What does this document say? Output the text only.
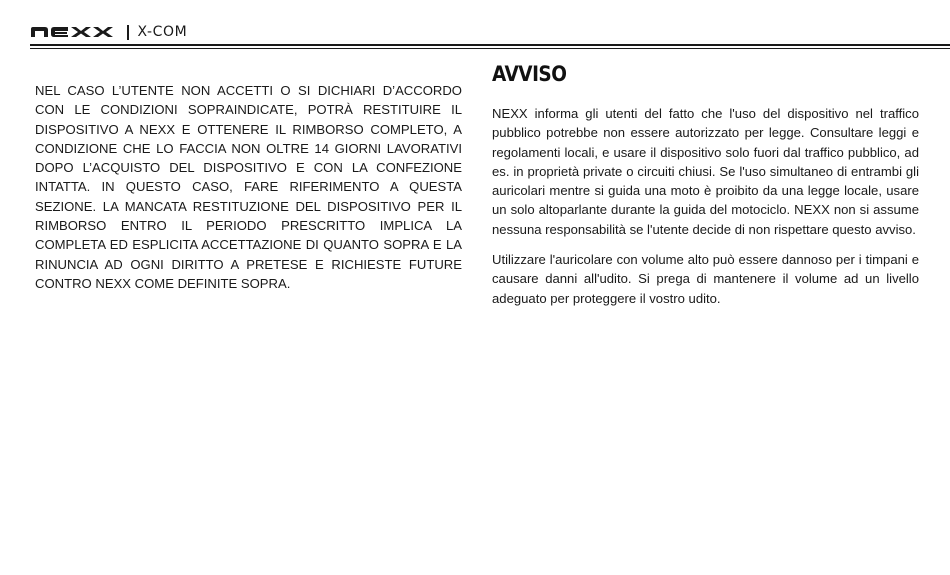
X-COM

NEL CASO L’UTENTE NON ACCETTI O SI DICHIARI D’ACCORDO CON LE CONDIZIONI SOPRAINDICATE, POTRÀ RESTITUIRE IL DISPOSITIVO A NEXX E OTTENERE IL RIMBORSO COMPLETO, A CONDIZIONE CHE LO FACCIA NON OLTRE 14 GIORNI LAVORATIVI DOPO L’ACQUISTO DEL DISPOSITIVO E CON LA CONFEZIONE INTATTA. IN QUESTO CASO, FARE RIFERIMENTO A QUESTA SEZIONE. LA MANCATA RESTITUZIONE DEL DISPOSITIVO PER IL RIMBORSO ENTRO IL PERIODO PRESCRITTO IMPLICA LA COMPLETA ED ESPLICITA ACCETTAZIONE DI QUANTO SOPRA E LA RINUNCIA AD OGNI DIRITTO A PRETESE E RICHIESTE FUTURE CONTRO NEXX COME DEFINITE SOPRA.

AVVISO

NEXX informa gli utenti del fatto che l'uso del dispositivo nel traffico pubblico potrebbe non essere autorizzato per legge. Consultare leggi e regolamenti locali, e usare il dispositivo solo fuori dal traffico pubblico, ad es. in proprietà private o circuiti chiusi. Se l'uso simultaneo di entrambi gli auricolari mentre si guida una moto è proibito da una legge locale, usare un solo altoparlante durante la guida del motociclo. NEXX non si assume nessuna responsabilità se l'utente decide di non rispettare questo avviso.

Utilizzare l'auricolare con volume alto può essere dannoso per i timpani e causare danni all'udito. Si prega di mantenere il volume ad un livello adeguato per proteggere il vostro udito.
